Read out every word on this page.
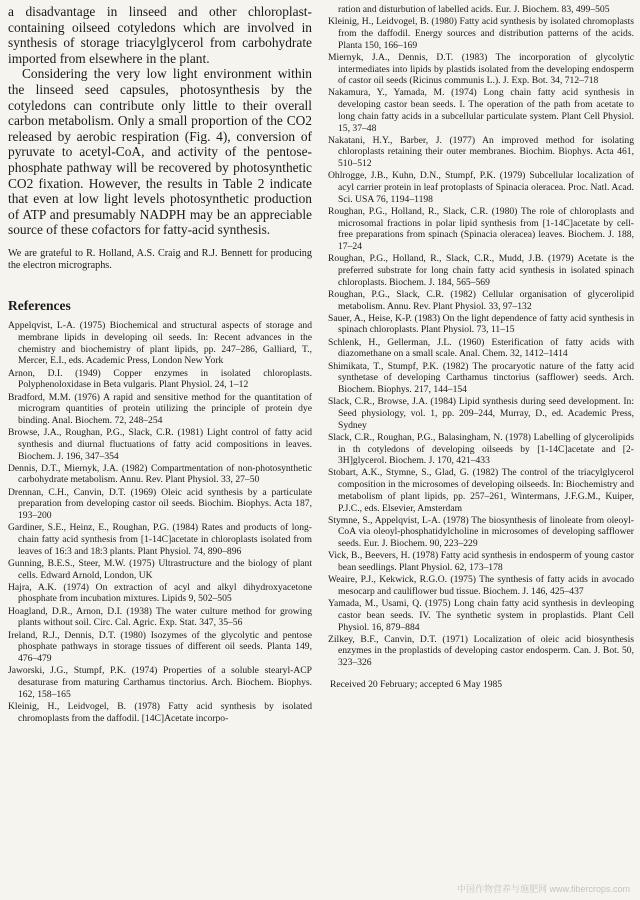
a disadvantage in linseed and other chloroplast-containing oilseed cotyledons which are involved in synthesis of storage triacylglycerol from carbohydrate imported from elsewhere in the plant.

Considering the very low light environment within the linseed seed capsules, photosynthesis by the cotyledons can contribute only little to their overall carbon metabolism. Only a small proportion of the CO2 released by aerobic respiration (Fig. 4), conversion of pyruvate to acetyl-CoA, and activity of the pentose-phosphate pathway will be recovered by photosynthetic CO2 fixation. However, the results in Table 2 indicate that even at low light levels photosynthetic production of ATP and presumably NADPH may be an appreciable source of these cofactors for fatty-acid synthesis.

We are grateful to R. Holland, A.S. Craig and R.J. Bennett for producing the electron micrographs.

References
Appelqvist, L-A. (1975) Biochemical and structural aspects of storage and membrane lipids in developing oil seeds. In: Recent advances in the chemistry and biochemistry of plant lipids, pp. 247–286, Galliard, T., Mercer, E.I., eds. Academic Press, London New York
Arnon, D.I. (1949) Copper enzymes in isolated chloroplasts. Polyphenoloxidase in Beta vulgaris. Plant Physiol. 24, 1–12
Bradford, M.M. (1976) A rapid and sensitive method for the quantitation of microgram quantities of protein utilizing the principle of protein dye binding. Anal. Biochem. 72, 248–254
Browse, J.A., Roughan, P.G., Slack, C.R. (1981) Light control of fatty acid synthesis and diurnal fluctuations of fatty acid compositions in leaves. Biochem. J. 196, 347–354
Dennis, D.T., Miernyk, J.A. (1982) Compartmentation of non-photosynthetic carbohydrate metabolism. Annu. Rev. Plant Physiol. 33, 27–50
Drennan, C.H., Canvin, D.T. (1969) Oleic acid synthesis by a particulate preparation from developing castor oil seeds. Biochim. Biophys. Acta 187, 193–200
Gardiner, S.E., Heinz, E., Roughan, P.G. (1984) Rates and products of long-chain fatty acid synthesis from [1-14C]acetate in chloroplasts isolated from leaves of 16:3 and 18:3 plants. Plant Physiol. 74, 890–896
Gunning, B.E.S., Steer, M.W. (1975) Ultrastructure and the biology of plant cells. Edward Arnold, London, UK
Hajra, A.K. (1974) On extraction of acyl and alkyl dihydroxyacetone phosphate from incubation mixtures. Lipids 9, 502–505
Hoagland, D.R., Arnon, D.I. (1938) The water culture method for growing plants without soil. Circ. Cal. Agric. Exp. Stat. 347, 35–56
Ireland, R.J., Dennis, D.T. (1980) Isozymes of the glycolytic and pentose phosphate pathways in storage tissues of different oil seeds. Planta 149, 476–479
Jaworski, J.G., Stumpf, P.K. (1974) Properties of a soluble stearyl-ACP desaturase from maturing Carthamus tinctorius. Arch. Biochem. Biophys. 162, 158–165
Kleinig, H., Leidvogel, B. (1978) Fatty acid synthesis by isolated chromoplasts from the daffodil. [14C]Acetate incorpo-
ration and disturbution of labelled acids. Eur. J. Biochem. 83, 499–505
Kleinig, H., Leidvogel, B. (1980) Fatty acid synthesis by isolated chromoplasts from the daffodil. Energy sources and distribution patterns of the acids. Planta 150, 166–169
Miernyk, J.A., Dennis, D.T. (1983) The incorporation of glycolytic intermediates into lipids by plastids isolated from the developing endosperm of castor oil seeds (Ricinus communis L.). J. Exp. Bot. 34, 712–718
Nakamura, Y., Yamada, M. (1974) Long chain fatty acid synthesis in developing castor bean seeds. I. The operation of the path from acetate to long chain fatty acids in a subcellular particulate system. Plant Cell Physiol. 15, 37–48
Nakatani, H.Y., Barber, J. (1977) An improved method for isolating chloroplasts retaining their outer membranes. Biochim. Biophys. Acta 461, 510–512
Ohlrogge, J.B., Kuhn, D.N., Stumpf, P.K. (1979) Subcellular localization of acyl carrier protein in leaf protoplasts of Spinacia oleracea. Proc. Natl. Acad. Sci. USA 76, 1194–1198
Roughan, P.G., Holland, R., Slack, C.R. (1980) The role of chloroplasts and microsomal fractions in polar lipid synthesis from [1-14C]acetate by cell-free preparations from spinach (Spinacia oleracea) leaves. Biochem. J. 188, 17–24
Roughan, P.G., Holland, R., Slack, C.R., Mudd, J.B. (1979) Acetate is the preferred substrate for long chain fatty acid synthesis in isolated spinach chloroplasts. Biochem. J. 184, 565–569
Roughan, P.G., Slack, C.R. (1982) Cellular organisation of glycerolipid metabolism. Annu. Rev. Plant Physiol. 33, 97–132
Sauer, A., Heise, K-P. (1983) On the light dependence of fatty acid synthesis in spinach chloroplasts. Plant Physiol. 73, 11–15
Schlenk, H., Gellerman, J.L. (1960) Esterification of fatty acids with diazomethane on a small scale. Anal. Chem. 32, 1412–1414
Shimikata, T., Stumpf, P.K. (1982) The procaryotic nature of the fatty acid synthetase of developing Carthamus tinctorius (safflower) seeds. Arch. Biochem. Biophys. 217, 144–154
Slack, C.R., Browse, J.A. (1984) Lipid synthesis during seed development. In: Seed physiology, vol. 1, pp. 209–244, Murray, D., ed. Academic Press, Sydney
Slack, C.R., Roughan, P.G., Balasingham, N. (1978) Labelling of glycerolipids in th cotyledons of developing oilseeds by [1-14C]acetate and [2-3H]glycerol. Biochem. J. 170, 421–433
Stobart, A.K., Stymne, S., Glad, G. (1982) The control of the triacylglycerol composition in the microsomes of developing oilseeds. In: Biochemistry and metabolism of plant lipids, pp. 257–261, Wintermans, J.F.G.M., Kuiper, P.J.C., eds. Elsevier, Amsterdam
Stymne, S., Appelqvist, L-A. (1978) The biosynthesis of linoleate from oleoyl-CoA via oleoyl-phosphatidylcholine in microsomes of developing safflower seeds. Eur. J. Biochem. 90, 223–229
Vick, B., Beevers, H. (1978) Fatty acid synthesis in endosperm of young castor bean seedlings. Plant Physiol. 62, 173–178
Weaire, P.J., Kekwick, R.G.O. (1975) The synthesis of fatty acids in avocado mesocarp and cauliflower bud tissue. Biochem. J. 146, 425–437
Yamada, M., Usami, Q. (1975) Long chain fatty acid synthesis in devleoping castor bean seeds. IV. The synthetic system in proplastids. Plant Cell Physiol. 16, 879–884
Zilkey, B.F., Canvin, D.T. (1971) Localization of oleic acid biosynthesis enzymes in the proplastids of developing castor endosperm. Can. J. Bot. 50, 323–326
Received 20 February; accepted 6 May 1985
中国作物营养与施肥网 www.fibercrops.com
